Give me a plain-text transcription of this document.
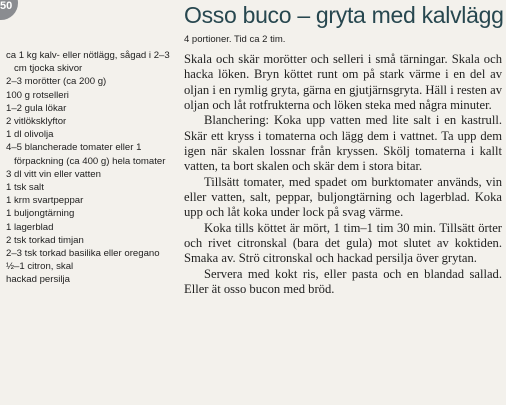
50	Osso buco – gryta med kalvlägg
4 portioner. Tid ca 2 tim.
ca 1 kg kalv- eller nötlägg, sågad i 2–3 cm tjocka skivor
2–3 morötter (ca 200 g)
100 g rotselleri
1–2 gula lökar
2 vitlöksklyftor
1 dl olivolja
4–5 blancherade tomater eller 1 förpackning (ca 400 g) hela tomater
3 dl vitt vin eller vatten
1 tsk salt
1 krm svartpeppar
1 buljongtärning
1 lagerblad
2 tsk torkad timjan
2–3 tsk torkad basilika eller oregano
½–1 citron, skal
hackad persilja

Skala och skär morötter och selleri i små tärningar. Skala och hacka löken. Bryn köttet runt om på stark värme i en del av oljan i en rymlig gryta, gärna en gjutjärnsgryta. Häll i resten av oljan och låt rotfrukterna och löken steka med några minuter.

Blanchering: Koka upp vatten med lite salt i en kastrull. Skär ett kryss i tomaterna och lägg dem i vattnet. Ta upp dem igen när skalen lossnar från kryssen. Skölj tomaterna i kallt vatten, ta bort skalen och skär dem i stora bitar.

Tillsätt tomater, med spadet om burktomater används, vin eller vatten, salt, peppar, buljongtärning och lagerblad. Koka upp och låt koka under lock på svag värme.

Koka tills köttet är mört, 1 tim–1 tim 30 min. Tillsätt örter och rivet citronskal (bara det gula) mot slutet av koktiden. Smaka av. Strö citronskal och hackad persilja över grytan.

Servera med kokt ris, eller pasta och en blandad sallad. Eller ät osso bucon med bröd.
